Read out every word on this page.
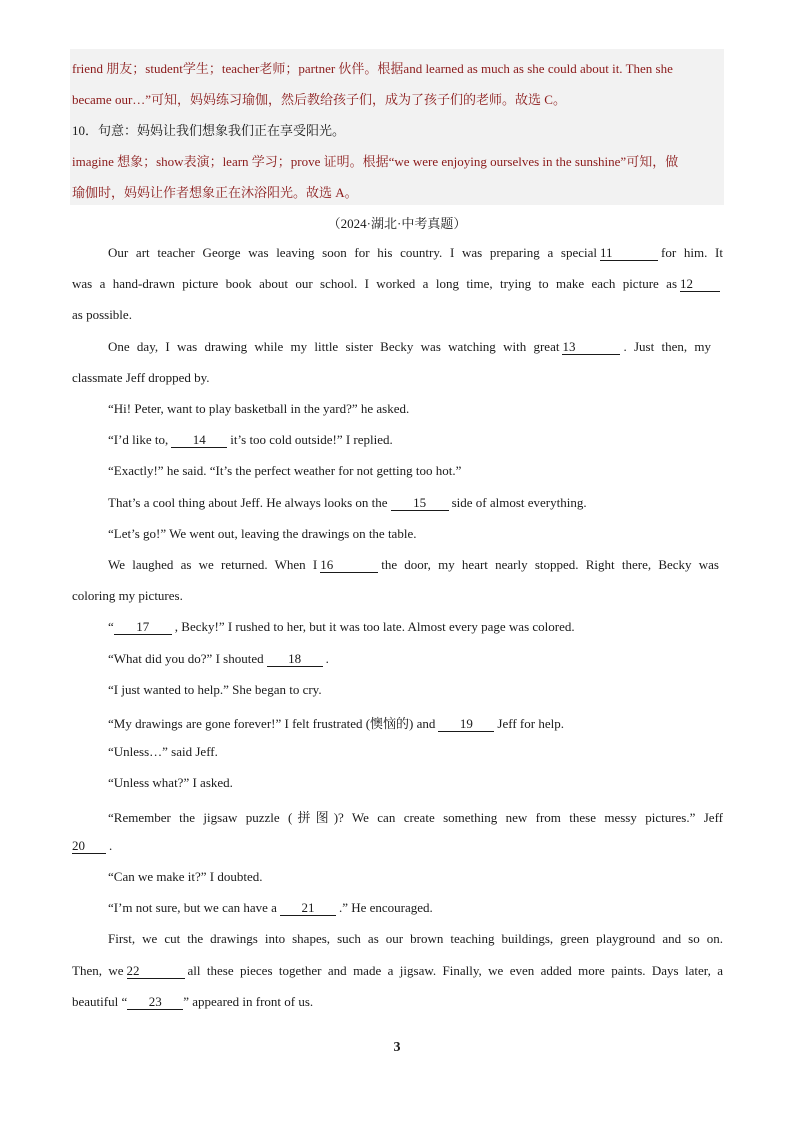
friend 朋友；student学生；teacher老师；partner 伙伴。根据and learned as much as she could about it. Then she
became our…”可知，妈妈练习瑜伽，然后教给孩子们，成为了孩子们的老师。故选 C。
10．句意：妈妈让我们想象我们正在享受阳光。
imagine 想象；show表演；learn 学习；prove 证明。根据“we were enjoying ourselves in the sunshine”可知，做
瑜伽时，妈妈让作者想象正在沐浴阳光。故选 A。
（2024·湖北·中考真题）
Our art teacher George was leaving soon for his country. I was preparing a special 11	for him. It
was a hand-drawn picture book about our school. I worked a long time, trying to make each picture as 12
as possible.
One day, I was drawing while my little sister Becky was watching with great 13	. Just then, my
classmate Jeff dropped by.
“Hi! Peter, want to play basketball in the yard?” he asked.
“I’d like to, 14 it’s too cold outside!” I replied.
“Exactly!” he said. “It’s the perfect weather for not getting too hot.”
That’s a cool thing about Jeff. He always looks on the 15 side of almost everything.
“Let’s go!” We went out, leaving the drawings on the table.
We laughed as we returned. When I 16	the door, my heart nearly stopped. Right there, Becky was
coloring my pictures.
“ 17 , Becky!” I rushed to her, but it was too late. Almost every page was colored.
“What did you do?” I shouted 18 .
“I just wanted to help.” She began to cry.
“My drawings are gone forever!” I felt frustrated (懊恼的) and 19 Jeff for help.
“Unless…” said Jeff.
“Unless what?” I asked.
“Remember the jigsaw puzzle (拼图)? We can create something new from these messy pictures.” Jeff
20 .
“Can we make it?” I doubted.
“I’m not sure, but we can have a 21 .” He encouraged.
First, we cut the drawings into shapes, such as our brown teaching buildings, green playground and so on.
Then, we 22	all these pieces together and made a jigsaw. Finally, we even added more paints. Days later, a
beautiful “ 23 ” appeared in front of us.
3
